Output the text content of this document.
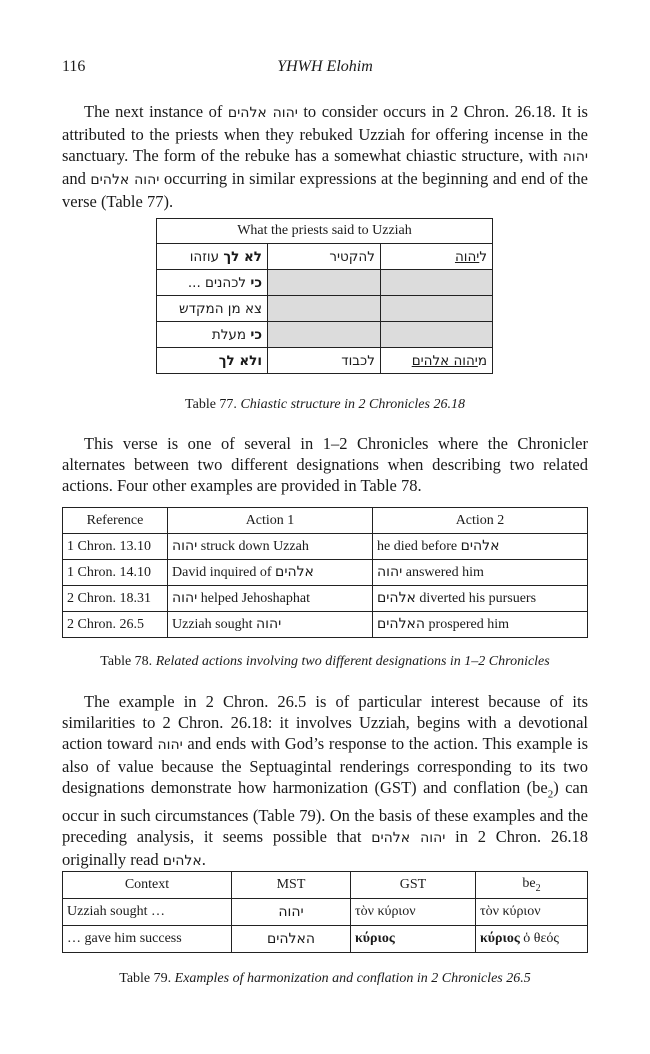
116	YHWH Elohim

The next instance of יהוה אלהים to consider occurs in 2 Chron. 26.18. It is attributed to the priests when they rebuked Uzziah for offering incense in the sanctuary. The form of the rebuke has a somewhat chiastic structure, with יהוה and יהוה אלהים occurring in similar expressions at the beginning and end of the verse (Table 77).

What the priests said to Uzziah		
לא לך עוזהו	להקטיר	ליהוה
כי לכהנים ...		
צא מן המקדש		
כי מעלת		
ולא לך	לכבוד	מיהוה אלהים
Table 77. Chiastic structure in 2 Chronicles 26.18

This verse is one of several in 1–2 Chronicles where the Chronicler alternates between two different designations when describing two related actions. Four other examples are provided in Table 78.

Reference	Action 1	Action 2
1 Chron. 13.10	יהוה struck down Uzzah	he died before אלהים
1 Chron. 14.10	David inquired of אלהים	יהוה answered him
2 Chron. 18.31	יהוה helped Jehoshaphat	אלהים diverted his pursuers
2 Chron. 26.5	Uzziah sought יהוה	האלהים prospered him
Table 78. Related actions involving two different designations in 1–2 Chronicles

The example in 2 Chron. 26.5 is of particular interest because of its similarities to 2 Chron. 26.18: it involves Uzziah, begins with a devotional action toward יהוה and ends with God’s response to the action. This example is also of value because the Septuagintal renderings corresponding to its two designations demonstrate how harmonization (GST) and conflation $(be_2)$ can occur in such circumstances (Table 79). On the basis of these examples and the preceding analysis, it seems possible that יהוה אלהים in 2 Chron. 26.18 originally read אלהים.

Context	MST	GST	$be_2$
Uzziah sought …	יהוה	τὸν κύριον	τὸν κύριον
… gave him success	האלהים	κύριος	κύριος ὁ θεός
Table 79. Examples of harmonization and conflation in 2 Chronicles 26.5
